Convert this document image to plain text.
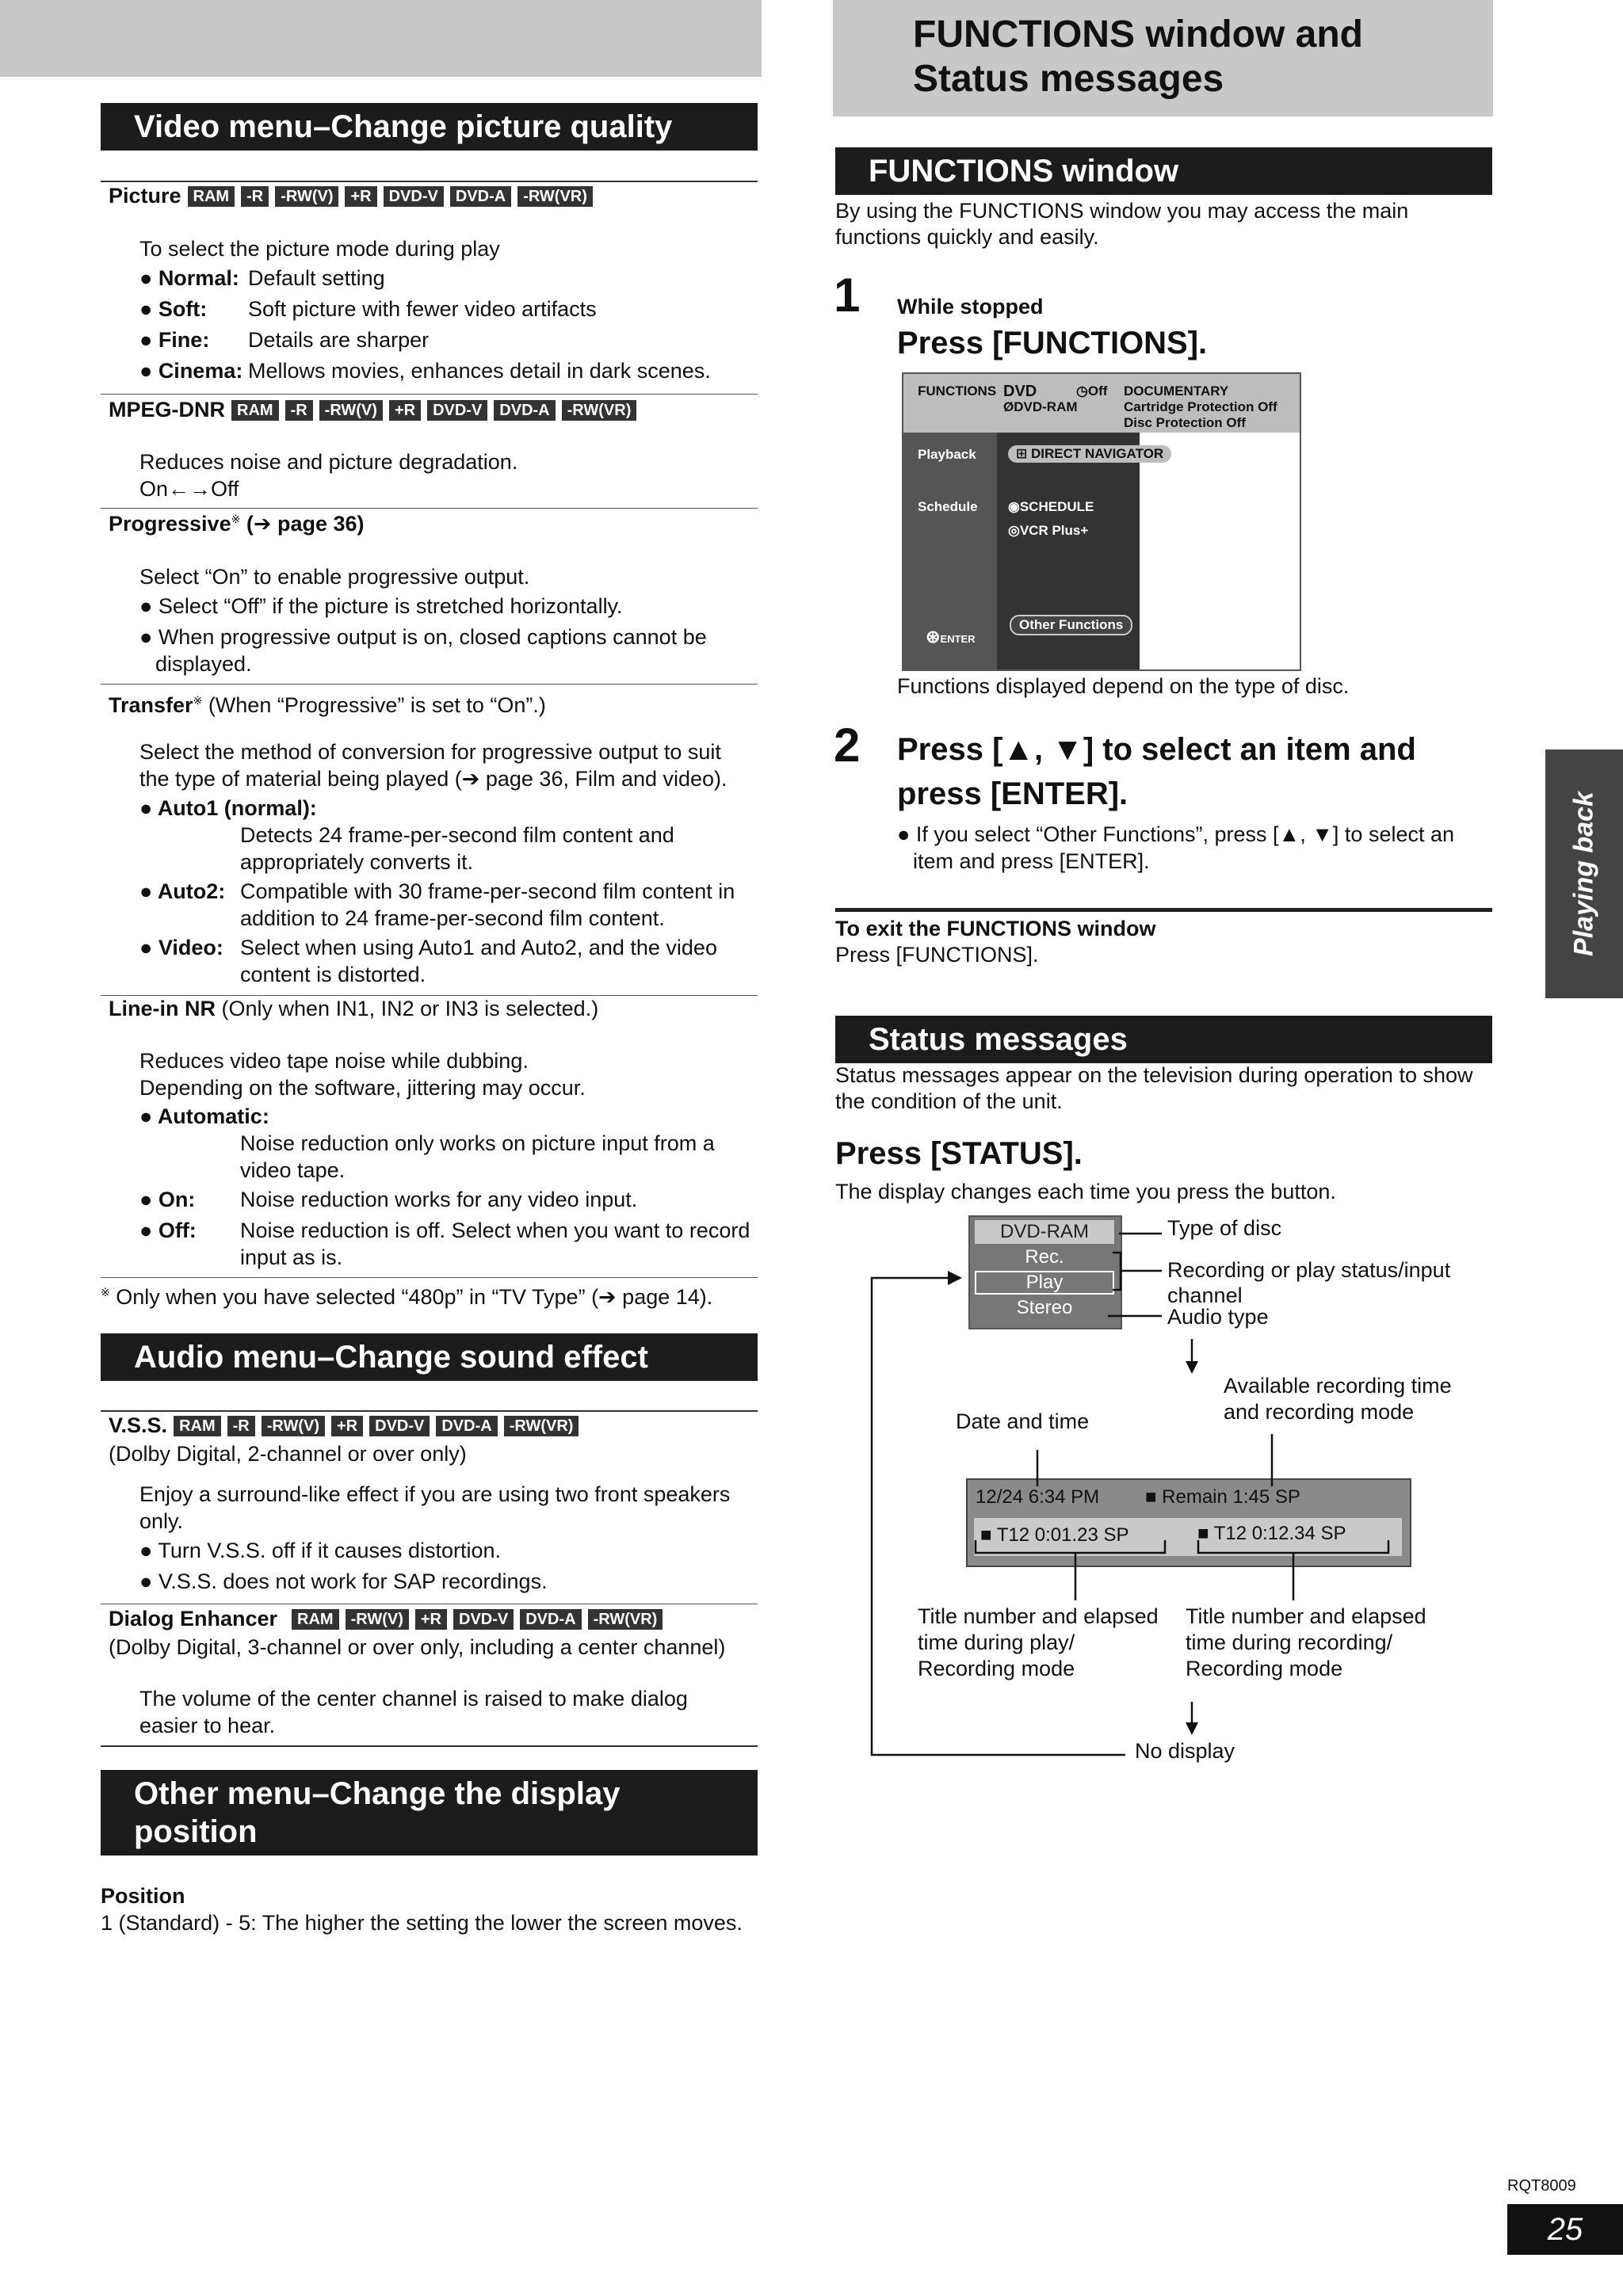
FUNCTIONS window and
Status messages
Video menu–Change picture quality
Picture RAM -R -RW(V) +R DVD-V DVD-A -RW(VR)
To select the picture mode during play
● Normal: Default setting
● Soft: Soft picture with fewer video artifacts
● Fine: Details are sharper
● Cinema: Mellows movies, enhances detail in dark scenes.
MPEG-DNR RAM -R -RW(V) +R DVD-V DVD-A -RW(VR)
Reduces noise and picture degradation.
On←→Off
Progressive※ (➔ page 36)
Select “On” to enable progressive output.
● Select “Off” if the picture is stretched horizontally.
● When progressive output is on, closed captions cannot be
displayed.
Transfer※ (When “Progressive” is set to “On”.)
Select the method of conversion for progressive output to suit
the type of material being played (➔ page 36, Film and video).
● Auto1 (normal):
Detects 24 frame-per-second film content and
appropriately converts it.
● Auto2: Compatible with 30 frame-per-second film content in
addition to 24 frame-per-second film content.
● Video: Select when using Auto1 and Auto2, and the video
content is distorted.
Line-in NR (Only when IN1, IN2 or IN3 is selected.)
Reduces video tape noise while dubbing.
Depending on the software, jittering may occur.
● Automatic:
Noise reduction only works on picture input from a
video tape.
● On: Noise reduction works for any video input.
● Off: Noise reduction is off. Select when you want to record
input as is.
※ Only when you have selected “480p” in “TV Type” (➔ page 14).
Audio menu–Change sound effect
V.S.S. RAM -R -RW(V) +R DVD-V DVD-A -RW(VR)
(Dolby Digital, 2-channel or over only)
Enjoy a surround-like effect if you are using two front speakers
only.
● Turn V.S.S. off if it causes distortion.
● V.S.S. does not work for SAP recordings.
Dialog Enhancer RAM -RW(V) +R DVD-V DVD-A -RW(VR)
(Dolby Digital, 3-channel or over only, including a center channel)
The volume of the center channel is raised to make dialog
easier to hear.
Other menu–Change the display
position
Position
1 (Standard) - 5: The higher the setting the lower the screen moves.
FUNCTIONS window
By using the FUNCTIONS window you may access the main
functions quickly and easily.
1 While stopped
Press [FUNCTIONS].
FUNCTIONS DVD
ØDVD-RAM
◷Off DOCUMENTARY
Cartridge Protection Off
Disc Protection Off
Playback	⊞ DIRECT NAVIGATOR
Schedule ◉SCHEDULE
◎VCR Plus+
⊛ENTER
Other Functions
Functions displayed depend on the type of disc.
2 Press [▲, ▼] to select an item and
press [ENTER].
● If you select “Other Functions”, press [▲, ▼] to select an
item and press [ENTER].
To exit the FUNCTIONS window
Press [FUNCTIONS].
Status messages
Status messages appear on the television during operation to show
the condition of the unit.
Press [STATUS].
The display changes each time you press the button.
DVD-RAM
Rec.
Play
Stereo
12/24 6:34 PM ■ Remain 1:45 SP
■ T12 0:01.23 SP	■ T12 0:12.34 SP
Type of disc
Recording or play status/input
channel
Audio type
Date and time
Available recording time
and recording mode
Title number and elapsed
time during play/
Recording mode
Title number and elapsed
time during recording/
Recording mode
No display
Playing back
RQT8009
25
